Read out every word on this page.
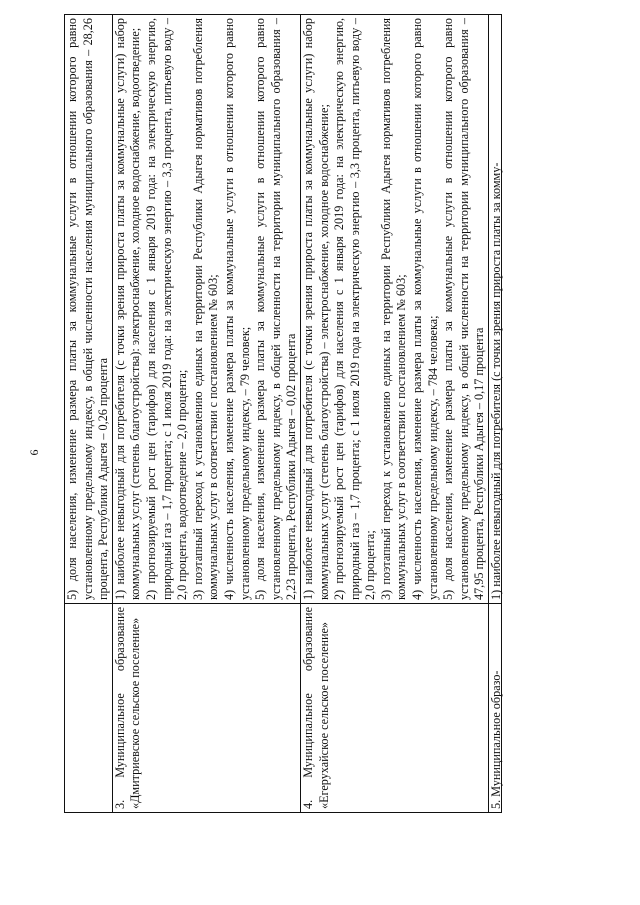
6

	5) доля населения, изменение размера платы за коммунальные услуги в отношении которого равно установленному предельному индексу, в общей численности населения муниципального образования – 28,26 процента, Республики Адыгея – 0,26 процента

3. Муниципальное образование «Дмитриевское сельское поселение»	1) наиболее невыгодный для потребителя (с точки зрения прироста платы за коммунальные услуги) набор коммунальных услуг (степень благоустройства): электроснабжение, холодное водоснабжение, водоотведение; 2) прогнозируемый рост цен (тарифов) для населения с 1 января 2019 года: на электрическую энергию, природный газ – 1,7 процента; с 1 июля 2019 года: на электрическую энергию – 3,3 процента, питьевую воду – 2,0 процента, водоотведение – 2,0 процента; 3) поэтапный переход к установлению единых на территории Республики Адыгея нормативов потребления коммунальных услуг в соответствии с постановлением № 603; 4) численность населения, изменение размера платы за коммунальные услуги в отношении которого равно установленному предельному индексу, – 79 человек; 5) доля населения, изменение размера платы за коммунальные услуги в отношении которого равно установленному предельному индексу, в общей численности на территории муниципального образования – 2,23 процента, Республики Адыгея – 0,02 процента

4. Муниципальное образование «Егерухайское сельское поселение»	1) наиболее невыгодный для потребителя (с точки зрения прироста платы за коммунальные услуги) набор коммунальных услуг (степень благоустройства) – электроснабжение, холодное водоснабжение; 2) прогнозируемый рост цен (тарифов) для населения с 1 января 2019 года: на электрическую энергию, природный газ – 1,7 процента; с 1 июля 2019 года на электрическую энергию – 3,3 процента, питьевую воду – 2,0 процента; 3) поэтапный переход к установлению единых на территории Республики Адыгея нормативов потребления коммунальных услуг в соответствии с постановлением № 603; 4) численность населения, изменение размера платы за коммунальные услуги в отношении которого равно установленному предельному индексу, – 784 человека; 5) доля населения, изменение размера платы за коммунальные услуги в отношении которого равно установленному предельному индексу, в общей численности на территории муниципального образования – 47,95 процента, Республики Адыгея – 0,17 процента

5. Муниципальное образо-	1) наиболее невыгодный для потребителя (с точки зрения прироста платы за комму-
